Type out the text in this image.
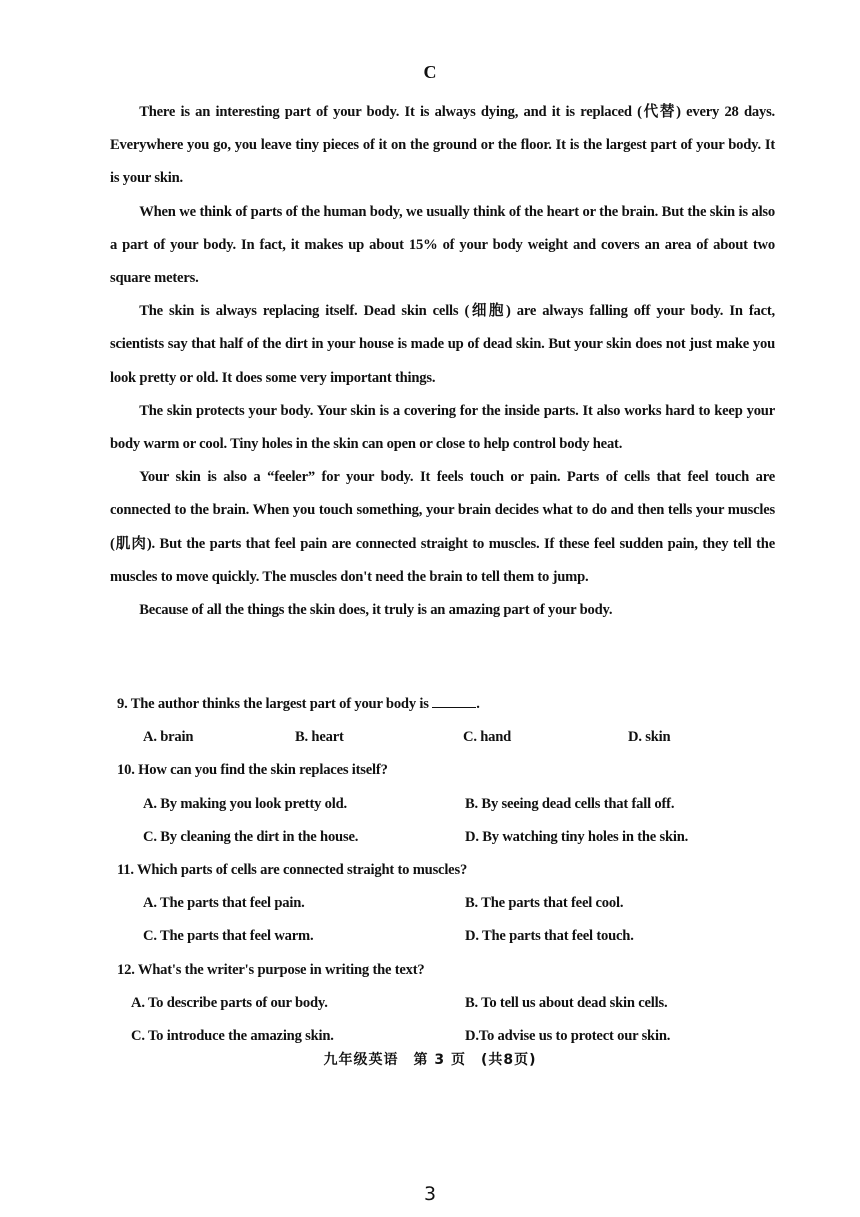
C

There is an interesting part of your body. It is always dying, and it is replaced (代替) every 28 days. Everywhere you go, you leave tiny pieces of it on the ground or the floor. It is the largest part of your body. It is your skin.

When we think of parts of the human body, we usually think of the heart or the brain. But the skin is also a part of your body. In fact, it makes up about 15% of your body weight and covers an area of about two square meters.

The skin is always replacing itself. Dead skin cells (细胞) are always falling off your body. In fact, scientists say that half of the dirt in your house is made up of dead skin. But your skin does not just make you look pretty or old. It does some very important things.

The skin protects your body. Your skin is a covering for the inside parts. It also works hard to keep your body warm or cool. Tiny holes in the skin can open or close to help control body heat.

Your skin is also a “feeler” for your body. It feels touch or pain. Parts of cells that feel touch are connected to the brain. When you touch something, your brain decides what to do and then tells your muscles (肌肉). But the parts that feel pain are connected straight to muscles. If these feel sudden pain, they tell the muscles to move quickly. The muscles don't need the brain to tell them to jump.

Because of all the things the skin does, it truly is an amazing part of your body.

9. The author thinks the largest part of your body is	.
A. brain	B. heart	C. hand	D. skin
10. How can you find the skin replaces itself?
A. By making you look pretty old.	B. By seeing dead cells that fall off.
C. By cleaning the dirt in the house.	D. By watching tiny holes in the skin.
11. Which parts of cells are connected straight to muscles?
A. The parts that feel pain.	B. The parts that feel cool.
C. The parts that feel warm.	D. The parts that feel touch.
12. What's the writer's purpose in writing the text?
A. To describe parts of our body.	B. To tell us about dead skin cells.
C. To introduce the amazing skin.	D.To advise us to protect our skin.
九年级英语　第 3 页　(共8页)
3
